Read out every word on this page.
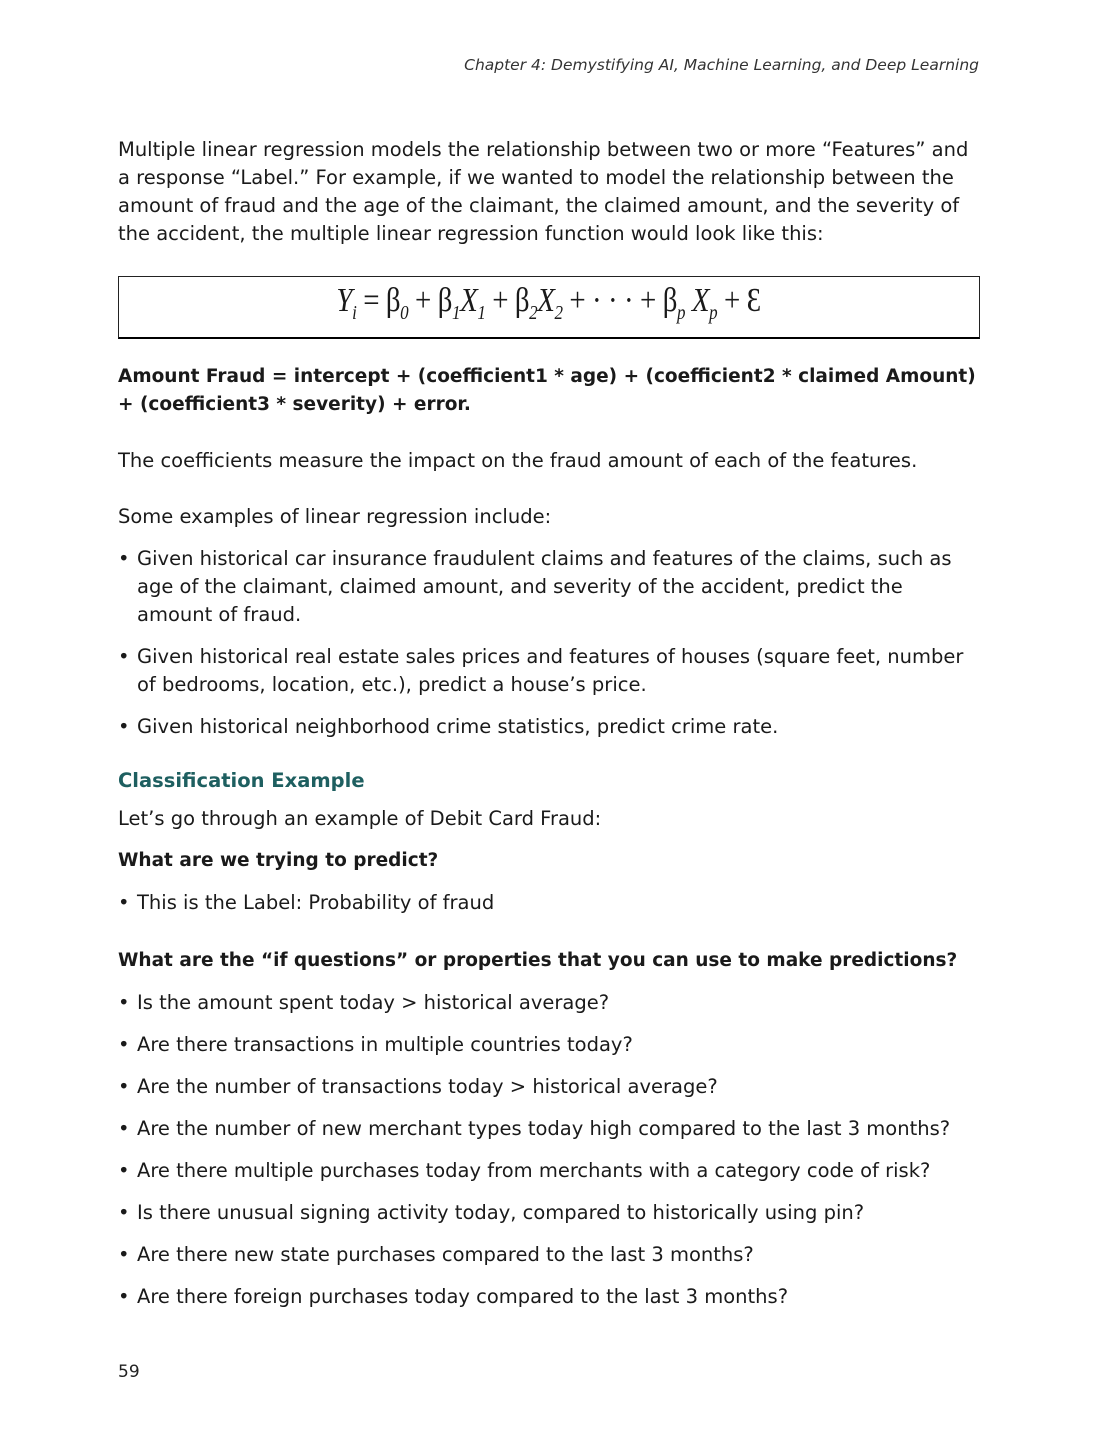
Chapter 4: Demystifying AI, Machine Learning, and Deep Learning

Multiple linear regression models the relationship between two or more “Features” and a response “Label.” For example, if we wanted to model the relationship between the amount of fraud and the age of the claimant, the claimed amount, and the severity of the accident, the multiple linear regression function would look like this:

$Y_i = \beta_0 + \beta_1X_1 + \beta_2X_2$ + · · · + $\beta_p$ $X_p$ + Ɛ

Amount Fraud = intercept + (coefficient1 * age) + (coefficient2 * claimed Amount) + (coefficient3 * severity) + error.

The coefficients measure the impact on the fraud amount of each of the features.

Some examples of linear regression include:

• Given historical car insurance fraudulent claims and features of the claims, such as age of the claimant, claimed amount, and severity of the accident, predict the amount of fraud.
• Given historical real estate sales prices and features of houses (square feet, number of bedrooms, location, etc.), predict a house’s price.
• Given historical neighborhood crime statistics, predict crime rate.
Classification Example

Let’s go through an example of Debit Card Fraud:

What are we trying to predict?

• This is the Label: Probability of fraud

What are the “if questions” or properties that you can use to make predictions?

• Is the amount spent today > historical average?
• Are there transactions in multiple countries today?
• Are the number of transactions today > historical average?
• Are the number of new merchant types today high compared to the last 3 months?
• Are there multiple purchases today from merchants with a category code of risk?
• Is there unusual signing activity today, compared to historically using pin?
• Are there new state purchases compared to the last 3 months?
• Are there foreign purchases today compared to the last 3 months?
59
